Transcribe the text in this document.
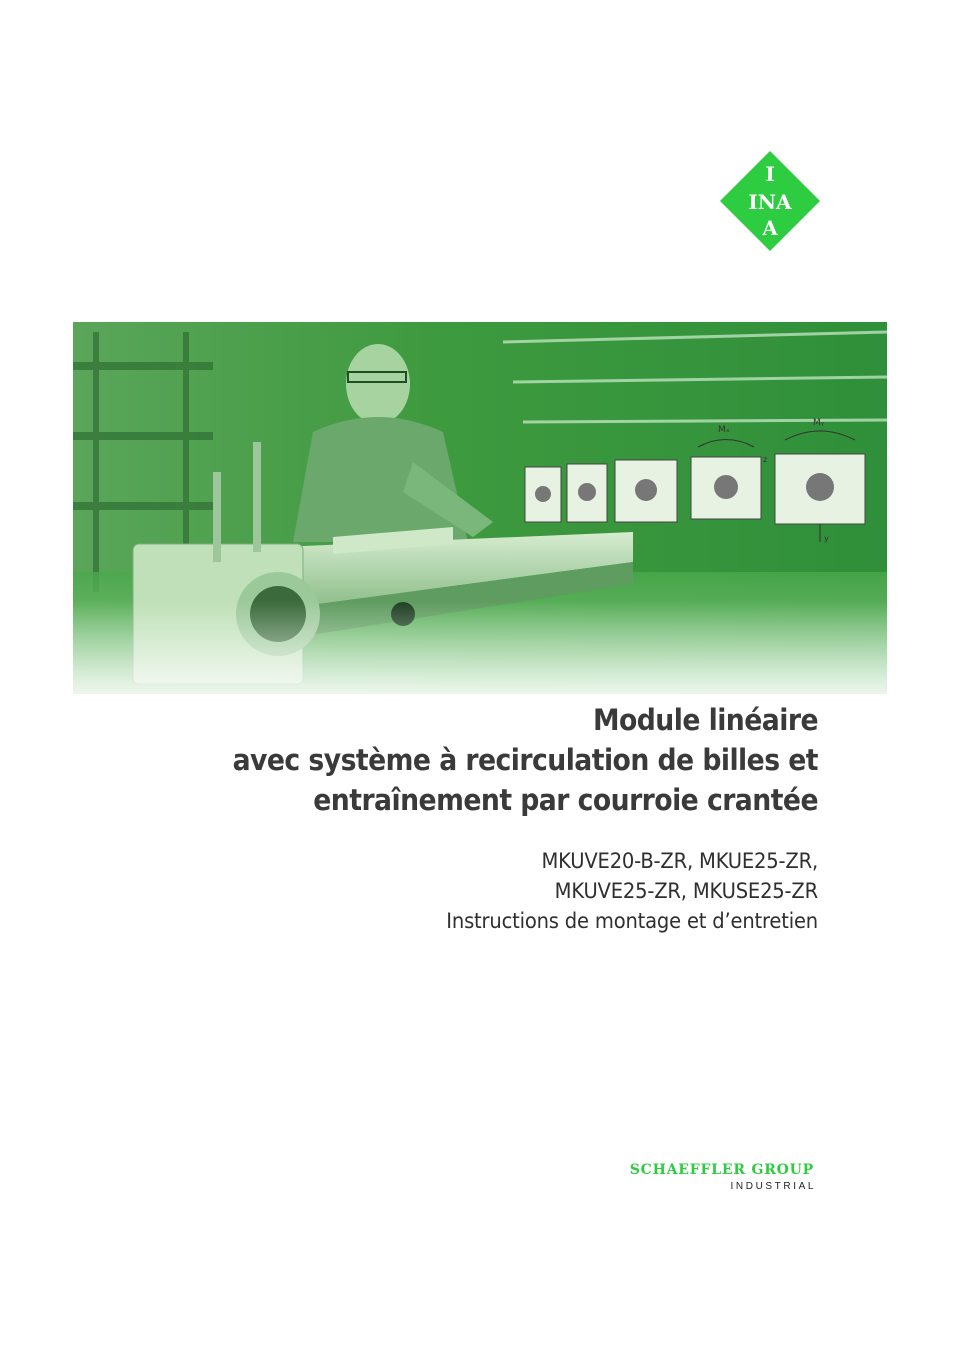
I
INA
A
Module linéaire
avec système à recirculation de billes et
entraînement par courroie crantée
MKUVE20-B-ZR, MKUE25-ZR,
MKUVE25-ZR, MKUSE25-ZR
Instructions de montage et d’entretien
SCHAEFFLER GROUP
INDUSTRIAL
